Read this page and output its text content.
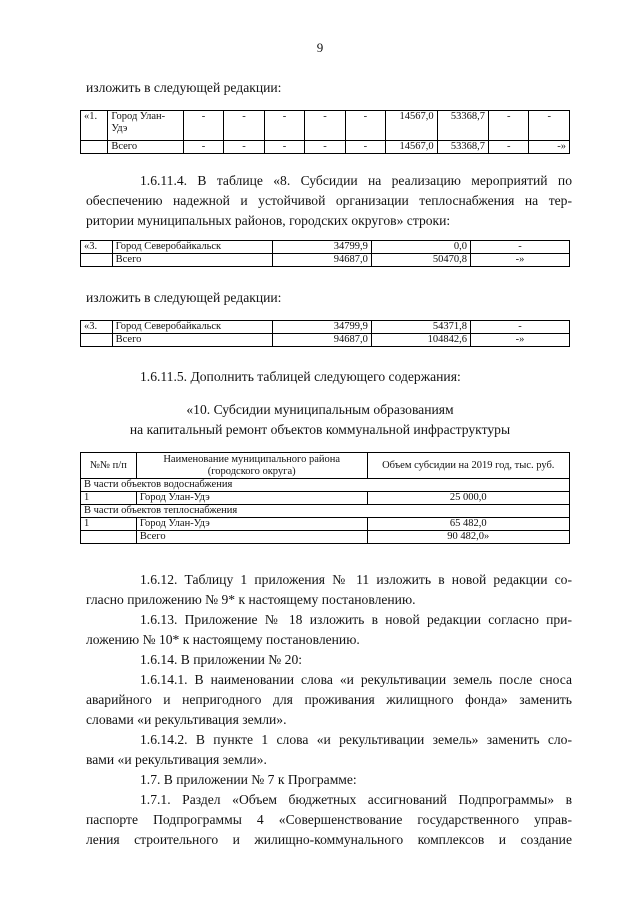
9
изложить в следующей редакции:
«1.	Город Улан-Удэ	-	-	-	-	-	14567,0	53368,7	-	-
	Всего	-	-	-	-	-	14567,0	53368,7	-	-»
1.6.11.4. В таблице «8. Субсидии на реализацию мероприятий по
обеспечению надежной и устойчивой организации теплоснабжения на тер-
ритории муниципальных районов, городских округов» строки:
«3.	Город Северобайкальск	34799,9	0,0	-
	Всего	94687,0	50470,8	-»
изложить в следующей редакции:
«3.	Город Северобайкальск	34799,9	54371,8	-
	Всего	94687,0	104842,6	-»
1.6.11.5. Дополнить таблицей следующего содержания:
«10. Субсидии муниципальным образованиям
на капитальный ремонт объектов коммунальной инфраструктуры
№№ п/п	Наименование муниципального района (городского округа)	Объем субсидии на 2019 год, тыс. руб.
В части объектов водоснабжения		
1	Город Улан-Удэ	25 000,0
В части объектов теплоснабжения		
1	Город Улан-Удэ	65 482,0
	Всего	90 482,0»
1.6.12. Таблицу 1 приложения № 11 изложить в новой редакции со-
гласно приложению № 9* к настоящему постановлению.
1.6.13. Приложение № 18 изложить в новой редакции согласно при-
ложению № 10* к настоящему постановлению.
1.6.14. В приложении № 20:
1.6.14.1. В наименовании слова «и рекультивации земель после сноса
аварийного и непригодного для проживания жилищного фонда» заменить
словами «и рекультивация земли».
1.6.14.2. В пункте 1 слова «и рекультивации земель» заменить сло-
вами «и рекультивация земли».
1.7. В приложении № 7 к Программе:
1.7.1. Раздел «Объем бюджетных ассигнований Подпрограммы» в
паспорте Подпрограммы 4 «Совершенствование государственного управ-
ления строительного и жилищно-коммунального комплексов и создание
